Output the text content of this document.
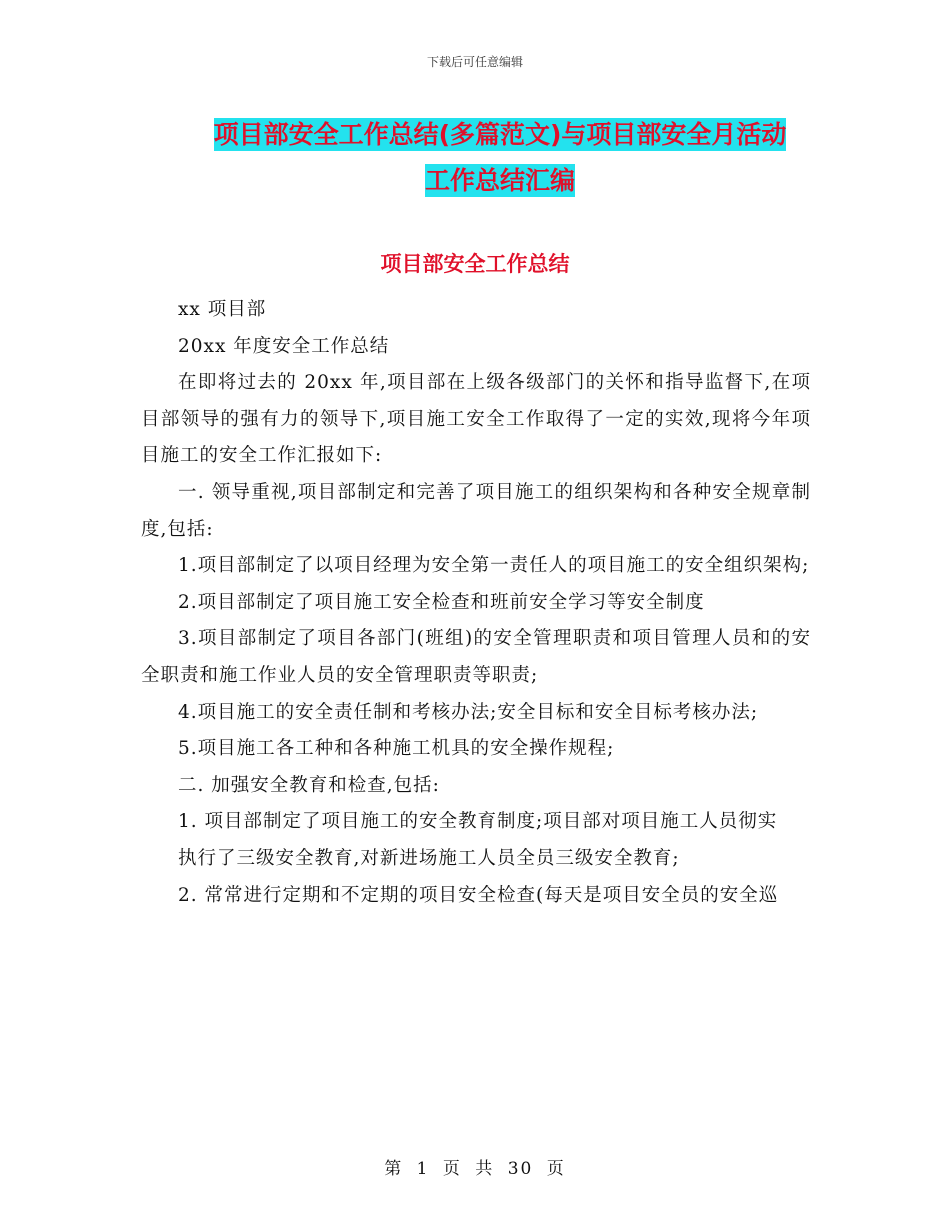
下载后可任意编辑
项目部安全工作总结(多篇范文)与项目部安全月活动
工作总结汇编
项目部安全工作总结

xx 项目部

20xx 年度安全工作总结

在即将过去的 20xx 年,项目部在上级各级部门的关怀和指导监督下,在项目部领导的强有力的领导下,项目施工安全工作取得了一定的实效,现将今年项目施工的安全工作汇报如下:

一. 领导重视,项目部制定和完善了项目施工的组织架构和各种安全规章制度,包括:

1.项目部制定了以项目经理为安全第一责任人的项目施工的安全组织架构;

2.项目部制定了项目施工安全检查和班前安全学习等安全制度

3.项目部制定了项目各部门(班组)的安全管理职责和项目管理人员和的安全职责和施工作业人员的安全管理职责等职责;

4.项目施工的安全责任制和考核办法;安全目标和安全目标考核办法;

5.项目施工各工种和各种施工机具的安全操作规程;

二. 加强安全教育和检查,包括:

1. 项目部制定了项目施工的安全教育制度;项目部对项目施工人员彻实

执行了三级安全教育,对新进场施工人员全员三级安全教育;

2. 常常进行定期和不定期的项目安全检查(每天是项目安全员的安全巡

第 1 页 共 30 页
